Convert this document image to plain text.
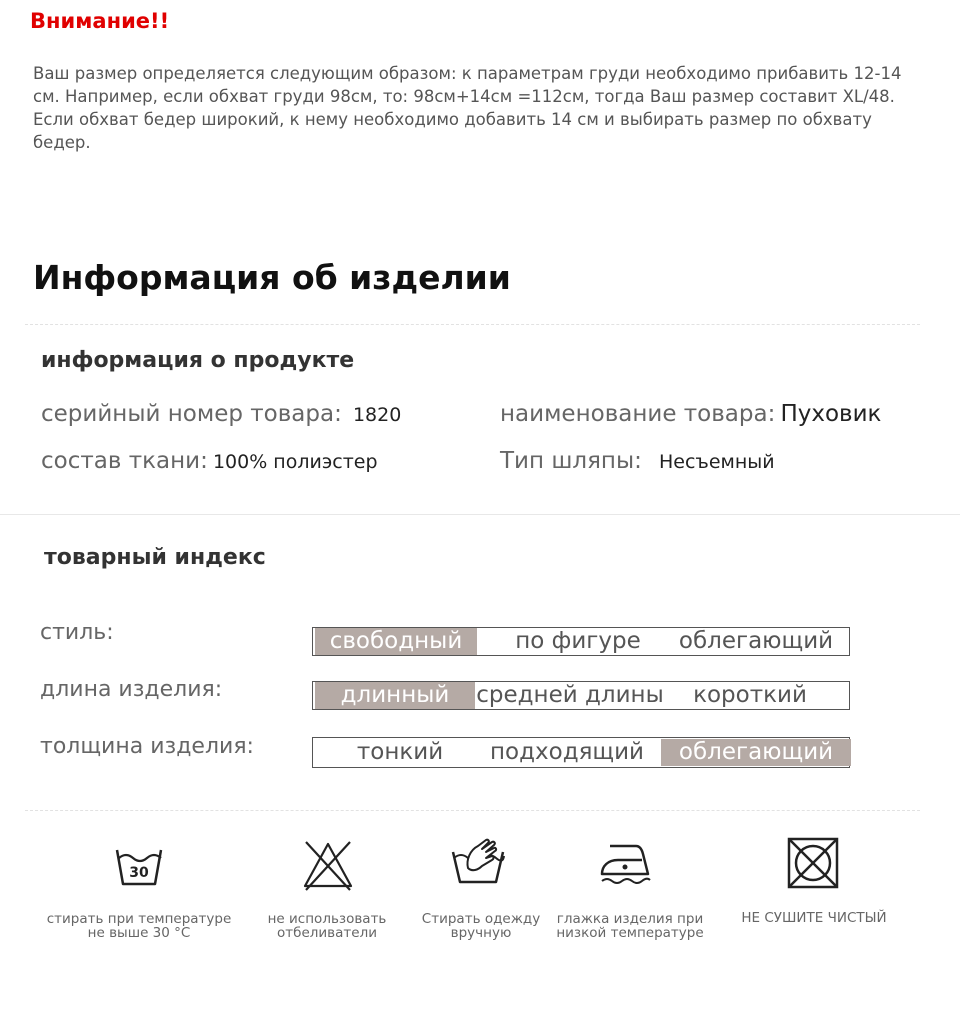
Внимание!!
Ваш размер определяется следующим образом: к параметрам груди необходимо прибавить 12-14
см. Например, если обхват груди 98см, то: 98см+14см =112см, тогда Ваш размер составит XL/48.
Если обхват бедер широкий, к нему необходимо добавить 14 см и выбирать размер по обхвату
бедер.
Информация об изделии
информация о продукте
серийный номер товара: 1820	наименование товара: Пуховик
состав ткани: 100% полиэстер	Тип шляпы: Несъемный
товарный индекс
стиль:	свободный	по фигуре	облегающий
длина изделия:	длинный	средней длины	короткий
толщина изделия:	тонкий	подходящий	облегающий
30
стирать при температуре
не выше 30 °C
не использовать
отбеливатели
Стирать одежду
вручную
глажка изделия при
низкой температуре
НЕ СУШИТЕ ЧИСТЫЙ
